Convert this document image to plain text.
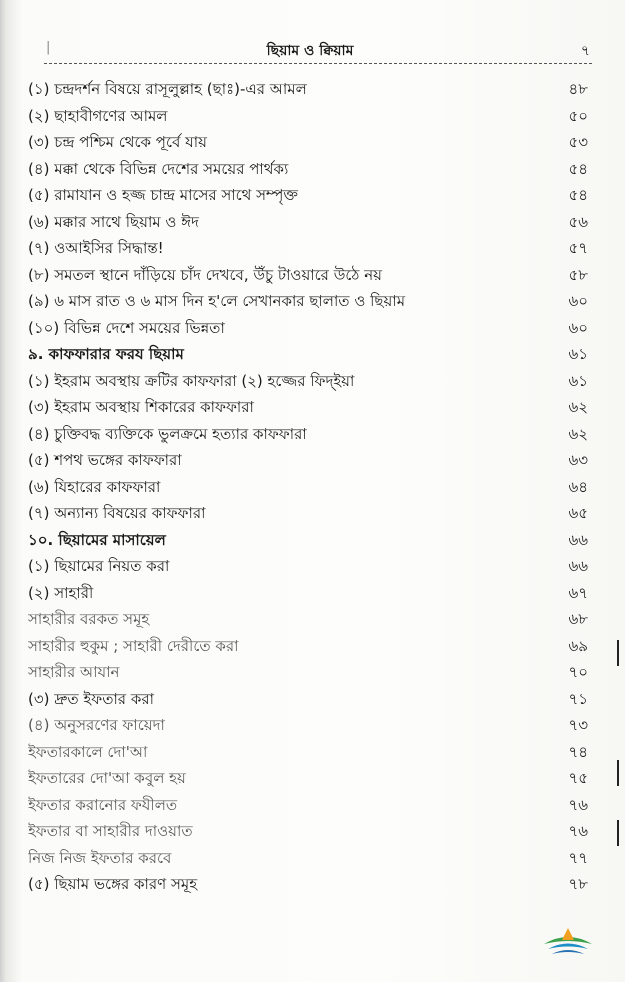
|	ছিয়াম ও ক্বিয়াম	৭
(১) চন্দ্রদর্শন বিষয়ে রাসূলুল্লাহ (ছাঃ)-এর আমল	৪৮
(২) ছাহাবীগণের আমল	৫০
(৩) চন্দ্র পশ্চিম থেকে পূর্বে যায়	৫৩
(৪) মক্কা থেকে বিভিন্ন দেশের সময়ের পার্থক্য	৫৪
(৫) রামাযান ও হজ্জ চান্দ্র মাসের সাথে সম্পৃক্ত	৫৪
(৬) মক্কার সাথে ছিয়াম ও ঈদ	৫৬
(৭) ওআইসির সিদ্ধান্ত!	৫৭
(৮) সমতল স্থানে দাঁড়িয়ে চাঁদ দেখবে, উঁচু টাওয়ারে উঠে নয়	৫৮
(৯) ৬ মাস রাত ও ৬ মাস দিন হ'লে সেখানকার ছালাত ও ছিয়াম	৬০
(১০) বিভিন্ন দেশে সময়ের ভিন্নতা	৬০
৯. কাফফারার ফরয ছিয়াম	৬১
(১) ইহরাম অবস্থায় ক্রটির কাফফারা (২) হজ্জের ফিদ্ইয়া	৬১
(৩) ইহরাম অবস্থায় শিকারের কাফফারা	৬২
(৪) চুক্তিবদ্ধ ব্যক্তিকে ভুলক্রমে হত্যার কাফফারা	৬২
(৫) শপথ ভঙ্গের কাফফারা	৬৩
(৬) যিহারের কাফফারা	৬৪
(৭) অন্যান্য বিষয়ের কাফফারা	৬৫
১০. ছিয়ামের মাসায়েল	৬৬
(১) ছিয়ামের নিয়ত করা	৬৬
(২) সাহারী	৬৭
সাহারীর বরকত সমূহ	৬৮
সাহারীর হুকুম ; সাহারী দেরীতে করা	৬৯
সাহারীর আযান	৭০
(৩) দ্রুত ইফতার করা	৭১
(৪) অনুসরণের ফায়েদা	৭৩
ইফতারকালে দো'আ	৭৪
ইফতারের দো'আ কবুল হয়	৭৫
ইফতার করানোর ফযীলত	৭৬
ইফতার বা সাহারীর দাওয়াত	৭৬
নিজ নিজ ইফতার করবে	৭৭
(৫) ছিয়াম ভঙ্গের কারণ সমূহ	৭৮
